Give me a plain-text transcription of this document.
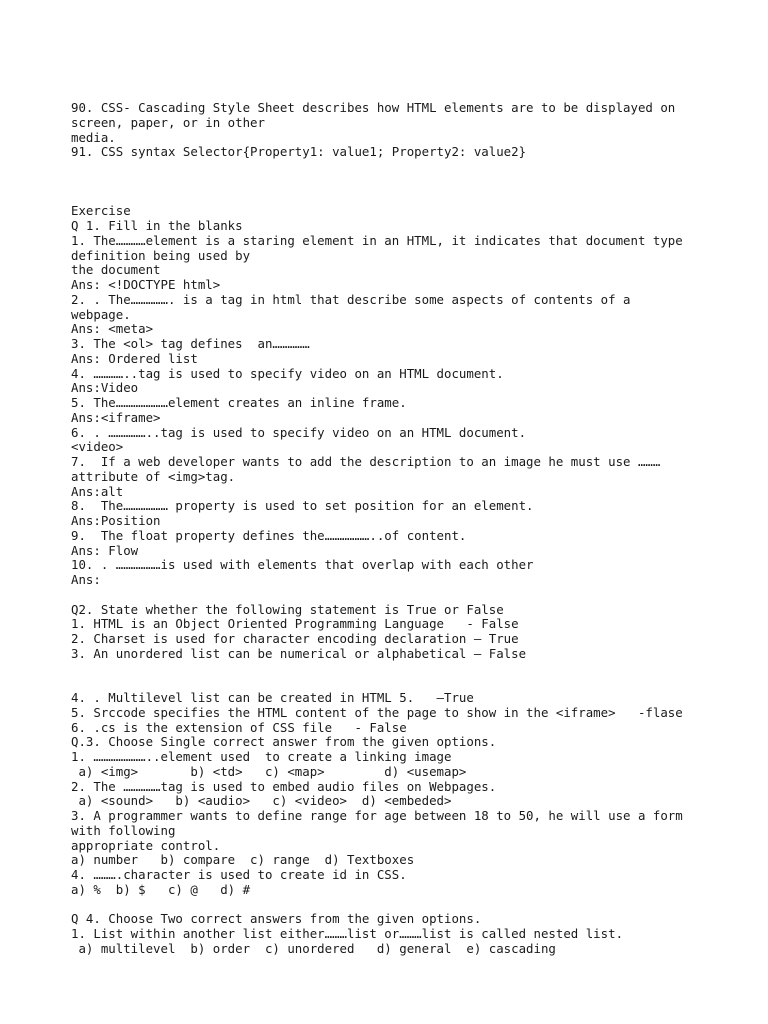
90. CSS- Cascading Style Sheet describes how HTML elements are to be displayed on
screen, paper, or in other
media.
91. CSS syntax Selector{Property1: value1; Property2: value2}
Exercise
Q 1. Fill in the blanks
1. The…………element is a staring element in an HTML, it indicates that document type
definition being used by
the document
Ans: <!DOCTYPE html>
2. . The……………. is a tag in html that describe some aspects of contents of a
webpage.
Ans: <meta>
3. The <ol> tag defines  an……………
Ans: Ordered list
4. …………..tag is used to specify video on an HTML document.
Ans:Video
5. The…………………element creates an inline frame.
Ans:<iframe>
6. . ……………..tag is used to specify video on an HTML document.
<video>
7.  If a web developer wants to add the description to an image he must use ………
attribute of <img>tag.
Ans:alt
8.  The……………… property is used to set position for an element.
Ans:Position
9.  The float property defines the………………..of content.
Ans: Flow
10. . ………………is used with elements that overlap with each other
Ans:
Q2. State whether the following statement is True or False
1. HTML is an Object Oriented Programming Language   - False
2. Charset is used for character encoding declaration – True
3. An unordered list can be numerical or alphabetical – False
4. . Multilevel list can be created in HTML 5.   –True
5. Srccode specifies the HTML content of the page to show in the <iframe>   -flase
6. .cs is the extension of CSS file   - False
Q.3. Choose Single correct answer from the given options.
1. …………………..element used  to create a linking image
a) <img>       b) <td>   c) <map>        d) <usemap>
2. The ……………tag is used to embed audio files on Webpages.
a) <sound>   b) <audio>   c) <video>  d) <embeded>
3. A programmer wants to define range for age between 18 to 50, he will use a form
with following
appropriate control.
a) number   b) compare  c) range  d) Textboxes
4. ……….character is used to create id in CSS.
a) %  b) $   c) @   d) #
Q 4. Choose Two correct answers from the given options.
1. List within another list either………list or………list is called nested list.
a) multilevel  b) order  c) unordered   d) general  e) cascading
